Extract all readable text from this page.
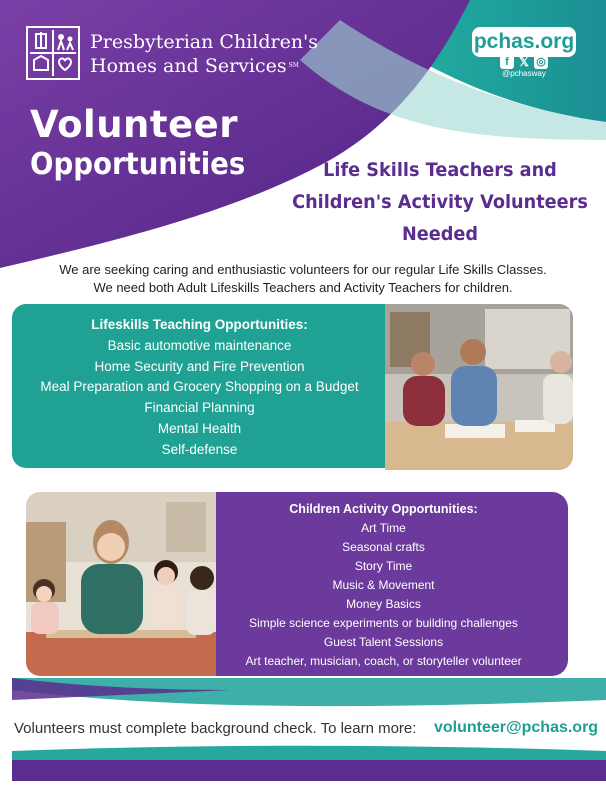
Presbyterian Children's
Homes and Services ℠
pchas.org
f 𝕏 ◎
@pchasway
Volunteer
Opportunities	Life Skills Teachers and
Children's Activity Volunteers
Needed
We are seeking caring and enthusiastic volunteers for our regular Life Skills Classes.
We need both Adult Lifeskills Teachers and Activity Teachers for children.
Lifeskills Teaching Opportunities:
Basic automotive maintenance
Home Security and Fire Prevention
Meal Preparation and Grocery Shopping on a Budget
Financial Planning
Mental Health
Self-defense
Children Activity Opportunities:
Art Time
Seasonal crafts
Story Time
Music & Movement
Money Basics
Simple science experiments or building challenges
Guest Talent Sessions
Art teacher, musician, coach, or storyteller volunteer
Volunteers must complete background check. To learn more: volunteer@pchas.org
